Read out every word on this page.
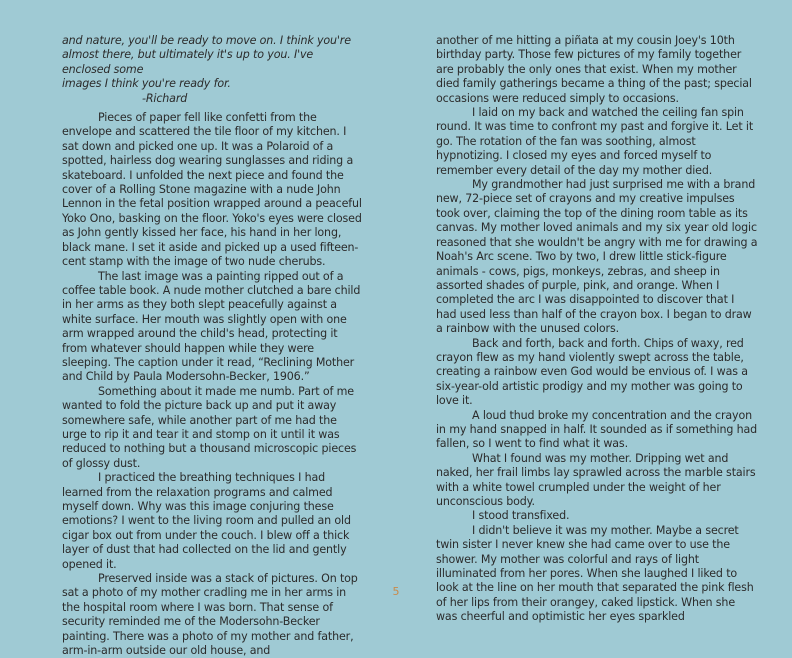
and nature, you'll be ready to move on. I think you're

almost there, but ultimately it's up to you. I've enclosed some

images I think you're ready for.

-Richard

Pieces of paper fell like confetti from the envelope and scattered the tile floor of my kitchen. I sat down and picked one up. It was a Polaroid of a spotted, hairless dog wearing sunglasses and riding a skateboard. I unfolded the next piece and found the cover of a Rolling Stone magazine with a nude John Lennon in the fetal position wrapped around a peaceful Yoko Ono, basking on the floor. Yoko's eyes were closed as John gently kissed her face, his hand in her long, black mane. I set it aside and picked up a used fifteen-cent stamp with the image of two nude cherubs.

The last image was a painting ripped out of a coffee table book. A nude mother clutched a bare child in her arms as they both slept peacefully against a white surface. Her mouth was slightly open with one arm wrapped around the child's head, protecting it from whatever should happen while they were sleeping. The caption under it read, “Reclining Mother and Child by Paula Modersohn-Becker, 1906.”

Something about it made me numb. Part of me wanted to fold the picture back up and put it away somewhere safe, while another part of me had the urge to rip it and tear it and stomp on it until it was reduced to nothing but a thousand microscopic pieces of glossy dust.

I practiced the breathing techniques I had learned from the relaxation programs and calmed myself down. Why was this image conjuring these emotions? I went to the living room and pulled an old cigar box out from under the couch. I blew off a thick layer of dust that had collected on the lid and gently opened it.

Preserved inside was a stack of pictures. On top sat a photo of my mother cradling me in her arms in the hospital room where I was born. That sense of security reminded me of the Modersohn-Becker painting. There was a photo of my mother and father, arm-in-arm outside our old house, and

another of me hitting a piñata at my cousin Joey's 10th birthday party. Those few pictures of my family together are probably the only ones that exist. When my mother died family gatherings became a thing of the past; special occasions were reduced simply to occasions.

I laid on my back and watched the ceiling fan spin round. It was time to confront my past and forgive it. Let it go. The rotation of the fan was soothing, almost hypnotizing. I closed my eyes and forced myself to remember every detail of the day my mother died.

My grandmother had just surprised me with a brand new, 72-piece set of crayons and my creative impulses took over, claiming the top of the dining room table as its canvas. My mother loved animals and my six year old logic reasoned that she wouldn't be angry with me for drawing a Noah's Arc scene. Two by two, I drew little stick-figure animals - cows, pigs, monkeys, zebras, and sheep in assorted shades of purple, pink, and orange. When I completed the arc I was disappointed to discover that I had used less than half of the crayon box. I began to draw a rainbow with the unused colors.

Back and forth, back and forth. Chips of waxy, red crayon flew as my hand violently swept across the table, creating a rainbow even God would be envious of. I was a six-year-old artistic prodigy and my mother was going to love it.

A loud thud broke my concentration and the crayon in my hand snapped in half. It sounded as if something had fallen, so I went to find what it was.

What I found was my mother. Dripping wet and naked, her frail limbs lay sprawled across the marble stairs with a white towel crumpled under the weight of her unconscious body.

I stood transfixed.

I didn't believe it was my mother. Maybe a secret twin sister I never knew she had came over to use the shower. My mother was colorful and rays of light illuminated from her pores. When she laughed I liked to look at the line on her mouth that separated the pink flesh of her lips from their orangey, caked lipstick. When she was cheerful and optimistic her eyes sparkled

5
